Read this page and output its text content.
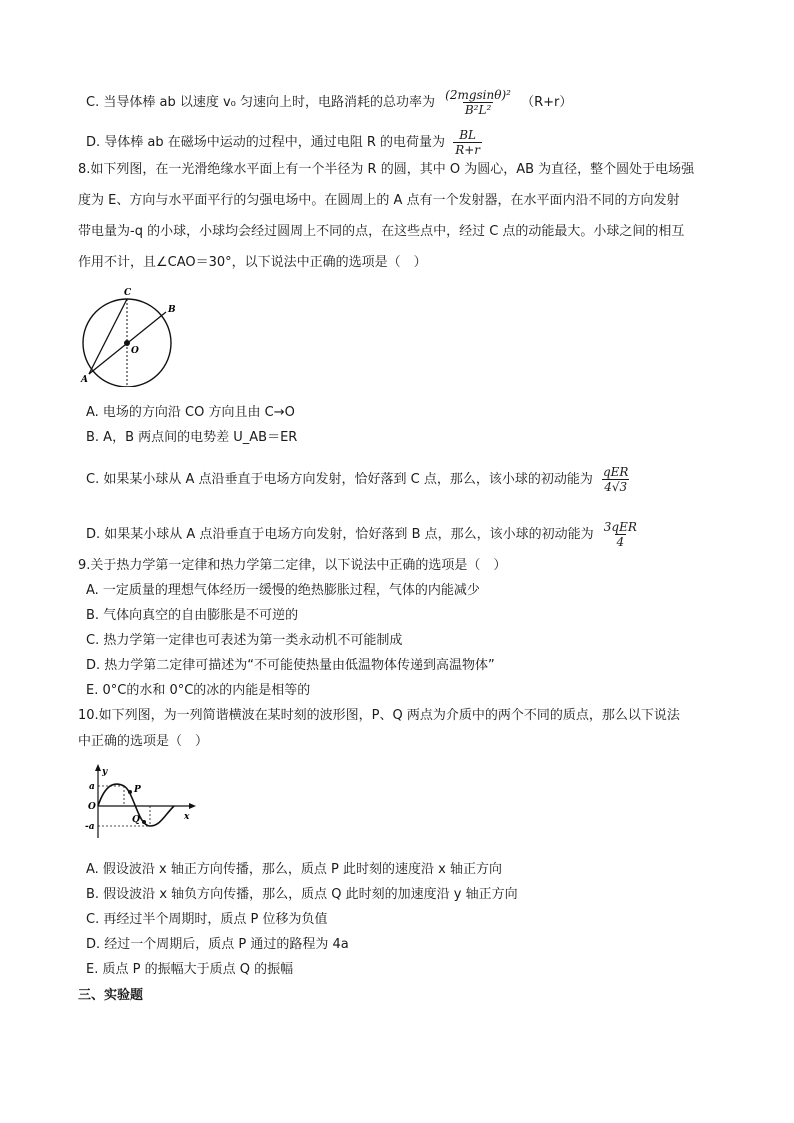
C. 当导体棒 ab 以速度 v₀ 匀速向上时，电路消耗的总功率为 $\frac{\text{(2mgsinθ)²}}{\text{B²L²}} (R+r)$
D. 导体棒 ab 在磁场中运动的过程中，通过电阻 R 的电荷量为 $\frac{BL}{R+r}$
8.如下列图，在一光滑绝缘水平面上有一个半径为 R 的圆，其中 O 为圆心，AB 为直径，整个圆处于电场强
度为 E、方向与水平面平行的匀强电场中。在圆周上的 A 点有一个发射器，在水平面内沿不同的方向发射
带电量为-q 的小球，小球均会经过圆周上不同的点，在这些点中，经过 C 点的动能最大。小球之间的相互
作用不计，且∠CAO＝30°，以下说法中正确的选项是（　）
C
B
O
A
A. 电场的方向沿 CO 方向且由 C→O
B. A，B 两点间的电势差 U_AB＝ER
C. 如果某小球从 A 点沿垂直于电场方向发射，恰好落到 C 点，那么，该小球的初动能为 $\frac{\text{qER}}{4√3}$
D. 如果某小球从 A 点沿垂直于电场方向发射，恰好落到 B 点，那么，该小球的初动能为 $\frac{\text{3qER}}{4}$
9.关于热力学第一定律和热力学第二定律，以下说法中正确的选项是（　）
A. 一定质量的理想气体经历一缓慢的绝热膨胀过程，气体的内能减少
B. 气体向真空的自由膨胀是不可逆的
C. 热力学第一定律也可表述为第一类永动机不可能制成
D. 热力学第二定律可描述为“不可能使热量由低温物体传递到高温物体”
E. 0°C的水和 0°C的冰的内能是相等的
10.如下列图，为一列简谐横波在某时刻的波形图，P、Q 两点为介质中的两个不同的质点，那么以下说法
中正确的选项是（　）
y
a
O
-a
P
Q	x
A. 假设波沿 x 轴正方向传播，那么，质点 P 此时刻的速度沿 x 轴正方向
B. 假设波沿 x 轴负方向传播，那么，质点 Q 此时刻的加速度沿 y 轴正方向
C. 再经过半个周期时，质点 P 位移为负值
D. 经过一个周期后，质点 P 通过的路程为 4a
E. 质点 P 的振幅大于质点 Q 的振幅
三、实验题
